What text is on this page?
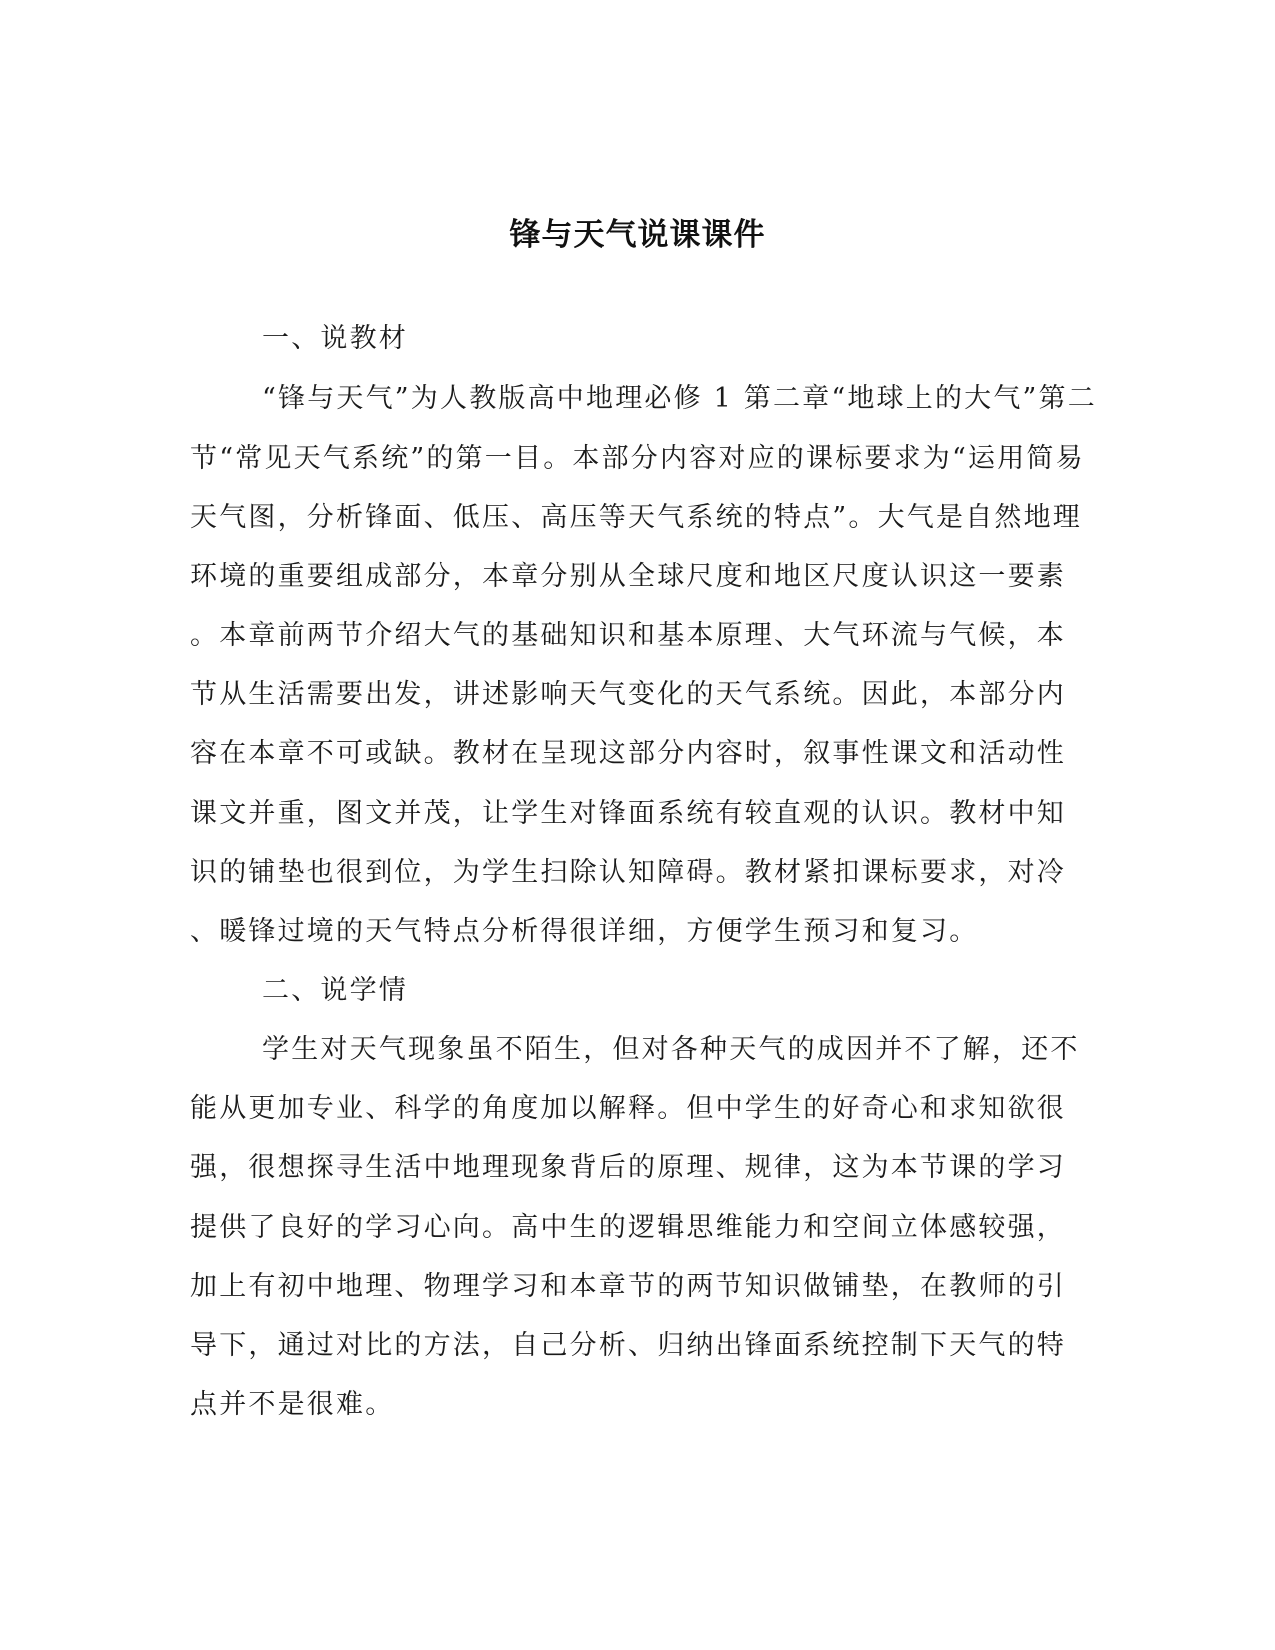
锋与天气说课课件
一、说教材
“锋与天气”为人教版高中地理必修 1 第二章“地球上的大气”第二
节“常见天气系统”的第一目。本部分内容对应的课标要求为“运用简易
天气图，分析锋面、低压、高压等天气系统的特点”。大气是自然地理
环境的重要组成部分，本章分别从全球尺度和地区尺度认识这一要素
。本章前两节介绍大气的基础知识和基本原理、大气环流与气候，本
节从生活需要出发，讲述影响天气变化的天气系统。因此，本部分内
容在本章不可或缺。教材在呈现这部分内容时，叙事性课文和活动性
课文并重，图文并茂，让学生对锋面系统有较直观的认识。教材中知
识的铺垫也很到位，为学生扫除认知障碍。教材紧扣课标要求，对冷
、暖锋过境的天气特点分析得很详细，方便学生预习和复习。
二、说学情
学生对天气现象虽不陌生，但对各种天气的成因并不了解，还不
能从更加专业、科学的角度加以解释。但中学生的好奇心和求知欲很
强，很想探寻生活中地理现象背后的原理、规律，这为本节课的学习
提供了良好的学习心向。高中生的逻辑思维能力和空间立体感较强，
加上有初中地理、物理学习和本章节的两节知识做铺垫，在教师的引
导下，通过对比的方法，自己分析、归纳出锋面系统控制下天气的特
点并不是很难。
